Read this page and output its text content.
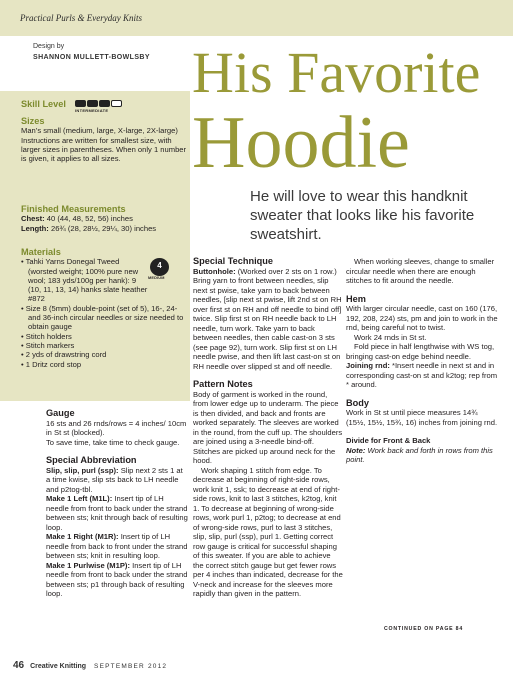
Practical Purls & Everyday Knits
Design by
SHANNON MULLETT-BOWLSBY His Favorite
Hoodie
He will love to wear this handknit sweater that looks like his favorite sweatshirt.
Skill Level
INTERMEDIATE
Sizes

Man’s small (medium, large, X-large, 2X-large)

Instructions are written for smallest size, with larger sizes in parentheses. When only 1 number is given, it applies to all sizes.

Finished Measurements

Chest: 40 (44, 48, 52, 56) inches

Length: 26¾ (28, 28½, 29¼, 30) inches

Materials
• Tahki Yarns Donegal Tweed (worsted weight; 100% pure new wool; 183 yds/100g per hank): 9 (10, 11, 13, 14) hanks slate heather #872
• Size 8 (5mm) double-point (set of 5), 16-, 24- and 36-inch circular needles or size needed to obtain gauge
• Stitch holders
• Stitch markers
• 2 yds of drawstring cord
• 1 Dritz cord stop
4
MEDIUM
Gauge

16 sts and 26 rnds/rows = 4 inches/ 10cm in St st (blocked).

To save time, take time to check gauge.

Special Abbreviation

Slip, slip, purl (ssp): Slip next 2 sts 1 at a time kwise, slip sts back to LH needle and p2tog-tbl.

Make 1 Left (M1L): Insert tip of LH needle from front to back under the strand between sts; knit through back of resulting loop.

Make 1 Right (M1R): Insert tip of LH needle from back to front under the strand between sts; knit in resulting loop.

Make 1 Purlwise (M1P): Insert tip of LH needle from front to back under the strand between sts; p1 through back of resulting loop.

Special Technique

Buttonhole: (Worked over 2 sts on 1 row.) Bring yarn to front between needles, slip next st pwise, take yarn to back between needles, [slip next st pwise, lift 2nd st on RH over first st on RH and off needle to bind off] twice. Slip first st on RH needle back to LH needle, turn work. Take yarn to back between needles, then cable cast-on 3 sts (see page 92), turn work. Slip first st on LH needle pwise, and then lift last cast-on st on RH needle over slipped st and off needle.

Pattern Notes

Body of garment is worked in the round, from lower edge up to underarm. The piece is then divided, and back and fronts are worked separately. The sleeves are worked in the round, from the cuff up. The shoulders are joined using a 3-needle bind-off. Stitches are picked up around neck for the hood.

Work shaping 1 stitch from edge. To decrease at beginning of right-side rows, work knit 1, ssk; to decrease at end of right-side rows, knit to last 3 stitches, k2tog, knit 1. To decrease at beginning of wrong-side rows, work purl 1, p2tog; to decrease at end of wrong-side rows, purl to last 3 stitches, slip, slip, purl (ssp), purl 1. Getting correct row gauge is critical for successful shaping of this sweater. If you are able to achieve the correct stitch gauge but get fewer rows per 4 inches than indicated, decrease for the V-neck and increase for the sleeves more rapidly than given in the pattern.

When working sleeves, change to smaller circular needle when there are enough stitches to fit around the needle.

Hem

With larger circular needle, cast on 160 (176, 192, 208, 224) sts, pm and join to work in the rnd, being careful not to twist.

Work 24 rnds in St st.

Fold piece in half lengthwise with WS tog, bringing cast-on edge behind needle.

Joining rnd: *Insert needle in next st and in corresponding cast-on st and k2tog; rep from * around.

Body

Work in St st until piece measures 14¾ (15½, 15½, 15¾, 16) inches from joining rnd.

Divide for Front & Back

Note: Work back and forth in rows from this point.

CONTINUED ON PAGE 84
46 Creative Knitting SEPTEMBER 2012
